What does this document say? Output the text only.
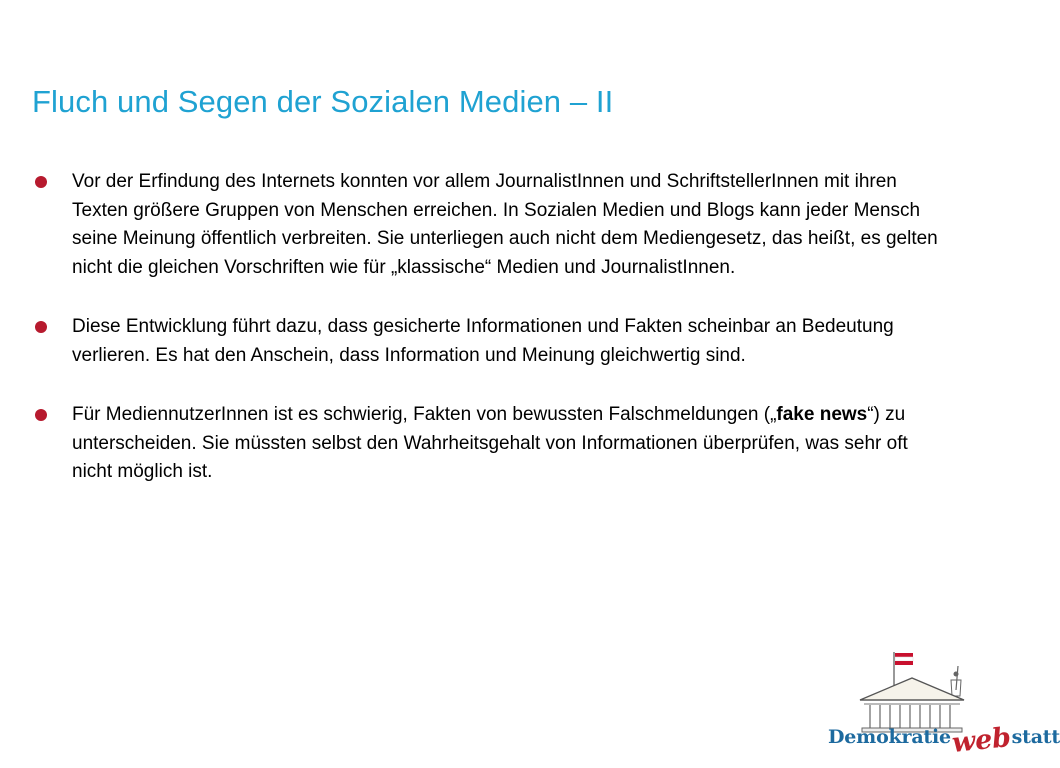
Fluch und Segen der Sozialen Medien – II
Vor der Erfindung des Internets konnten vor allem JournalistInnen und SchriftstellerInnen mit ihren Texten größere Gruppen von Menschen erreichen. In Sozialen Medien und Blogs kann jeder Mensch seine Meinung öffentlich verbreiten. Sie unterliegen auch nicht dem Mediengesetz, das heißt, es gelten nicht die gleichen Vorschriften wie für „klassische“ Medien und JournalistInnen.
Diese Entwicklung führt dazu, dass gesicherte Informationen und Fakten scheinbar an Bedeutung verlieren. Es hat den Anschein, dass Information und Meinung gleichwertig sind.
Für MediennutzerInnen ist es schwierig, Fakten von bewussten Falschmeldungen („fake news“) zu unterscheiden. Sie müssten selbst den Wahrheitsgehalt von Informationen überprüfen, was sehr oft nicht möglich ist.
Demokratiewebstatt
